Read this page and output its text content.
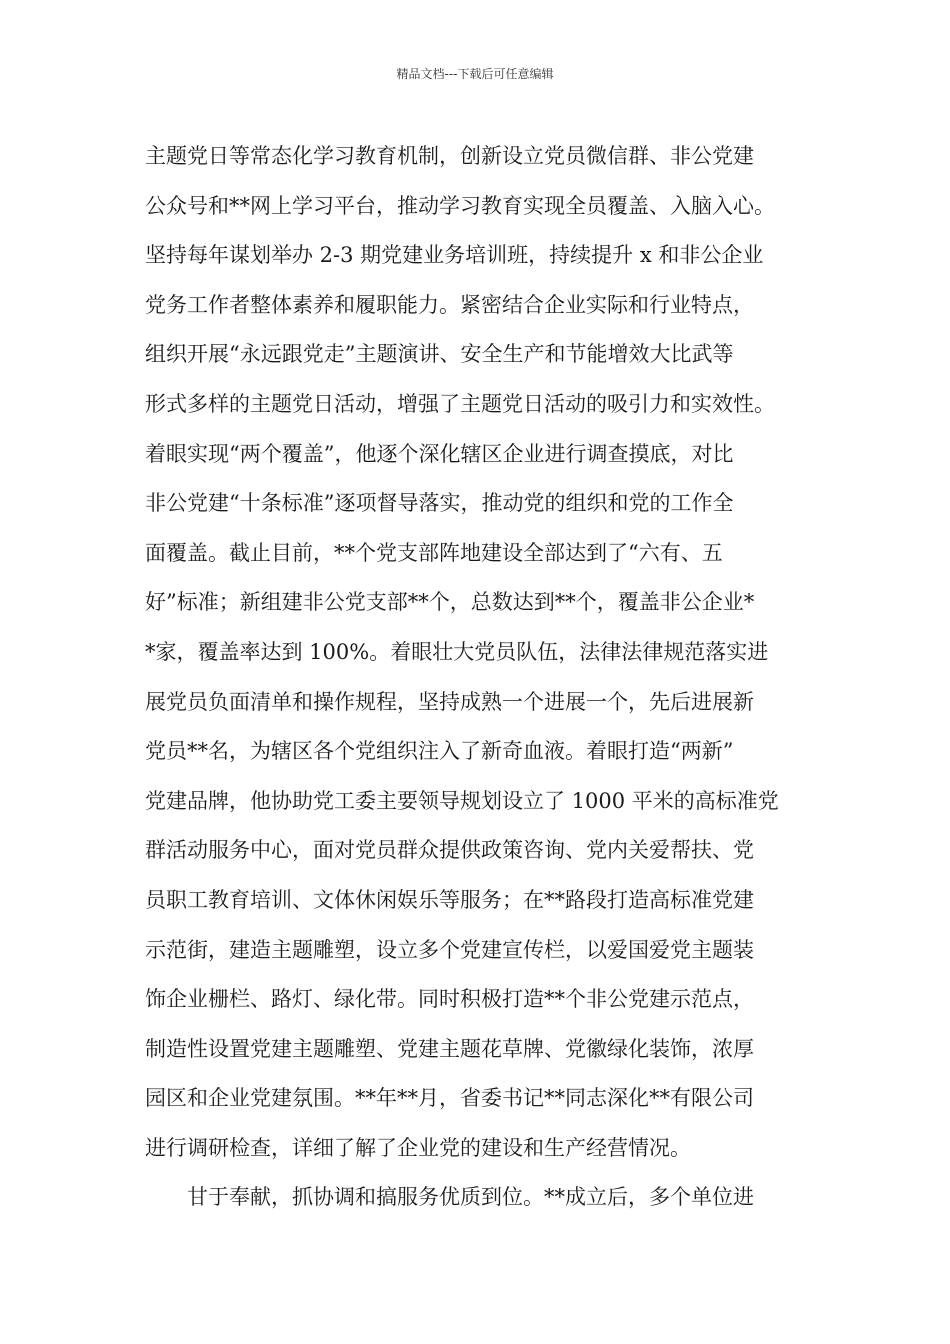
精品文档---下载后可任意编辑
主题党日等常态化学习教育机制，创新设立党员微信群、非公党建
公众号和**网上学习平台，推动学习教育实现全员覆盖、入脑入心。
坚持每年谋划举办 2-3 期党建业务培训班，持续提升 x 和非公企业
党务工作者整体素养和履职能力。紧密结合企业实际和行业特点，
组织开展“永远跟党走”主题演讲、安全生产和节能增效大比武等
形式多样的主题党日活动，增强了主题党日活动的吸引力和实效性。
着眼实现“两个覆盖”，他逐个深化辖区企业进行调查摸底，对比
非公党建“十条标准”逐项督导落实，推动党的组织和党的工作全
面覆盖。截止目前，**个党支部阵地建设全部达到了“六有、五
好”标准；新组建非公党支部**个，总数达到**个，覆盖非公企业*
*家，覆盖率达到 100%。着眼壮大党员队伍，法律法律规范落实进
展党员负面清单和操作规程，坚持成熟一个进展一个，先后进展新
党员**名，为辖区各个党组织注入了新奇血液。着眼打造“两新”
党建品牌，他协助党工委主要领导规划设立了 1000 平米的高标准党
群活动服务中心，面对党员群众提供政策咨询、党内关爱帮扶、党
员职工教育培训、文体休闲娱乐等服务；在**路段打造高标准党建
示范街，建造主题雕塑，设立多个党建宣传栏，以爱国爱党主题装
饰企业栅栏、路灯、绿化带。同时积极打造**个非公党建示范点，
制造性设置党建主题雕塑、党建主题花草牌、党徽绿化装饰，浓厚
园区和企业党建氛围。**年**月，省委书记**同志深化**有限公司
进行调研检查，详细了解了企业党的建设和生产经营情况。
甘于奉献，抓协调和搞服务优质到位。**成立后，多个单位进
